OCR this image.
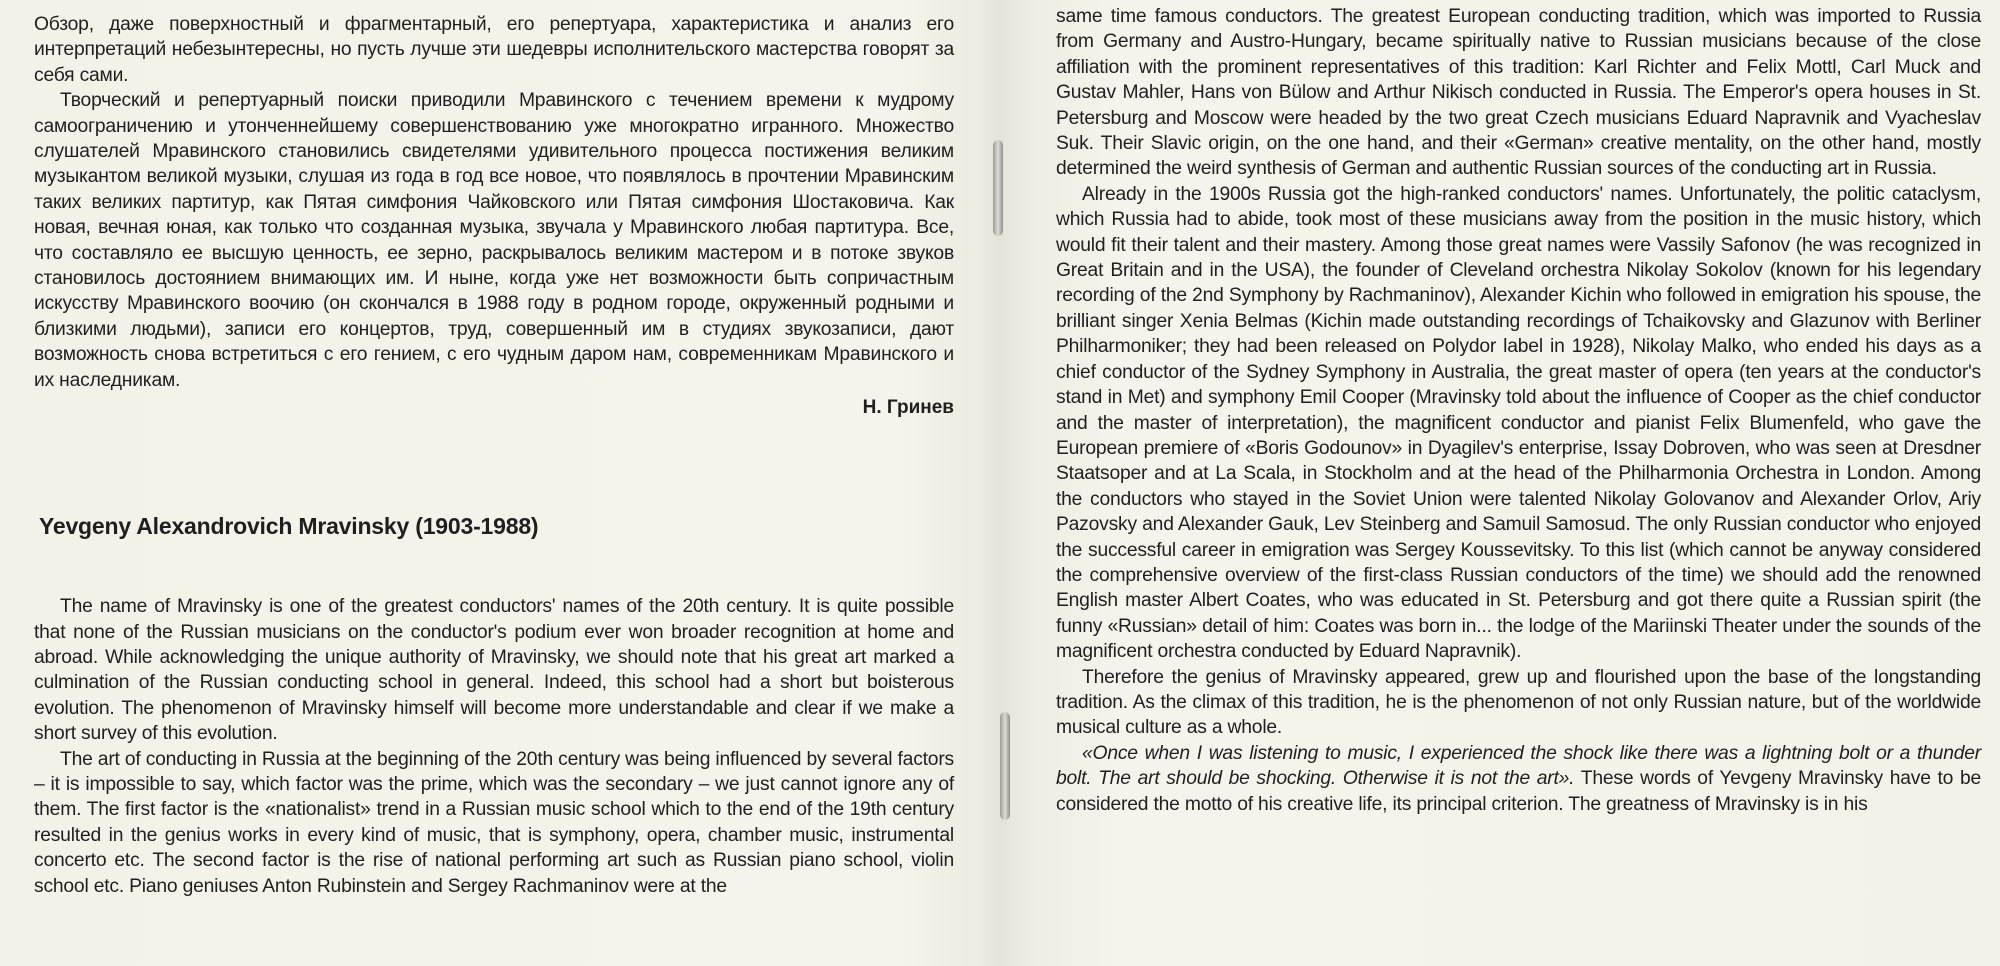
Обзор, даже поверхностный и фрагментарный, его репертуара, характеристика и анализ его интерпретаций небезынтересны, но пусть лучше эти шедевры исполнительского мастерства говорят за себя сами.

Творческий и репертуарный поиски приводили Мравинского с течением времени к мудрому самоограничению и утонченнейшему совершенствованию уже многократно игранного. Множество слушателей Мравинского становились свидетелями удивительного процесса постижения великим музыкантом великой музыки, слушая из года в год все новое, что появлялось в прочтении Мравинским таких великих партитур, как Пятая симфония Чайковского или Пятая симфония Шостаковича. Как новая, вечная юная, как только что созданная музыка, звучала у Мравинского любая партитура. Все, что составляло ее высшую ценность, ее зерно, раскрывалось великим мастером и в потоке звуков становилось достоянием внимающих им. И ныне, когда уже нет возможности быть сопричастным искусству Мравинского воочию (он скончался в 1988 году в родном городе, окруженный родными и близкими людьми), записи его концертов, труд, совершенный им в студиях звукозаписи, дают возможность снова встретиться с его гением, с его чудным даром нам, современникам Мравинского и их наследникам.

Н. Гринев
Yevgeny Alexandrovich Mravinsky (1903-1988)

The name of Mravinsky is one of the greatest conductors' names of the 20th century. It is quite possible that none of the Russian musicians on the conductor's podium ever won broader recognition at home and abroad. While acknowledging the unique authority of Mravinsky, we should note that his great art marked a culmination of the Russian conducting school in general. Indeed, this school had a short but boisterous evolution. The phenomenon of Mravinsky himself will become more understandable and clear if we make a short survey of this evolution.

The art of conducting in Russia at the beginning of the 20th century was being influenced by several factors – it is impossible to say, which factor was the prime, which was the secondary – we just cannot ignore any of them. The first factor is the «nationalist» trend in a Russian music school which to the end of the 19th century resulted in the genius works in every kind of music, that is symphony, opera, chamber music, instrumental concerto etc. The second factor is the rise of national performing art such as Russian piano school, violin school etc. Piano geniuses Anton Rubinstein and Sergey Rachmaninov were at the

same time famous conductors. The greatest European conducting tradition, which was imported to Russia from Germany and Austro-Hungary, became spiritually native to Russian musicians because of the close affiliation with the prominent representatives of this tradition: Karl Richter and Felix Mottl, Carl Muck and Gustav Mahler, Hans von Bülow and Arthur Nikisch conducted in Russia. The Emperor's opera houses in St. Petersburg and Moscow were headed by the two great Czech musicians Eduard Napravnik and Vyacheslav Suk. Their Slavic origin, on the one hand, and their «German» creative mentality, on the other hand, mostly determined the weird synthesis of German and authentic Russian sources of the conducting art in Russia.

Already in the 1900s Russia got the high-ranked conductors' names. Unfortunately, the politic cataclysm, which Russia had to abide, took most of these musicians away from the position in the music history, which would fit their talent and their mastery. Among those great names were Vassily Safonov (he was recognized in Great Britain and in the USA), the founder of Cleveland orchestra Nikolay Sokolov (known for his legendary recording of the 2nd Symphony by Rachmaninov), Alexander Kichin who followed in emigration his spouse, the brilliant singer Xenia Belmas (Kichin made outstanding recordings of Tchaikovsky and Glazunov with Berliner Philharmoniker; they had been released on Polydor label in 1928), Nikolay Malko, who ended his days as a chief conductor of the Sydney Symphony in Australia, the great master of opera (ten years at the conductor's stand in Met) and symphony Emil Cooper (Mravinsky told about the influence of Cooper as the chief conductor and the master of interpretation), the magnificent conductor and pianist Felix Blumenfeld, who gave the European premiere of «Boris Godounov» in Dyagilev's enterprise, Issay Dobroven, who was seen at Dresdner Staatsoper and at La Scala, in Stockholm and at the head of the Philharmonia Orchestra in London. Among the conductors who stayed in the Soviet Union were talented Nikolay Golovanov and Alexander Orlov, Ariy Pazovsky and Alexander Gauk, Lev Steinberg and Samuil Samosud. The only Russian conductor who enjoyed the successful career in emigration was Sergey Koussevitsky. To this list (which cannot be anyway considered the comprehensive overview of the first-class Russian conductors of the time) we should add the renowned English master Albert Coates, who was educated in St. Petersburg and got there quite a Russian spirit (the funny «Russian» detail of him: Coates was born in... the lodge of the Mariinski Theater under the sounds of the magnificent orchestra conducted by Eduard Napravnik).

Therefore the genius of Mravinsky appeared, grew up and flourished upon the base of the longstanding tradition. As the climax of this tradition, he is the phenomenon of not only Russian nature, but of the worldwide musical culture as a whole.

«Once when I was listening to music, I experienced the shock like there was a lightning bolt or a thunder bolt. The art should be shocking. Otherwise it is not the art». These words of Yevgeny Mravinsky have to be considered the motto of his creative life, its principal criterion. The greatness of Mravinsky is in his
